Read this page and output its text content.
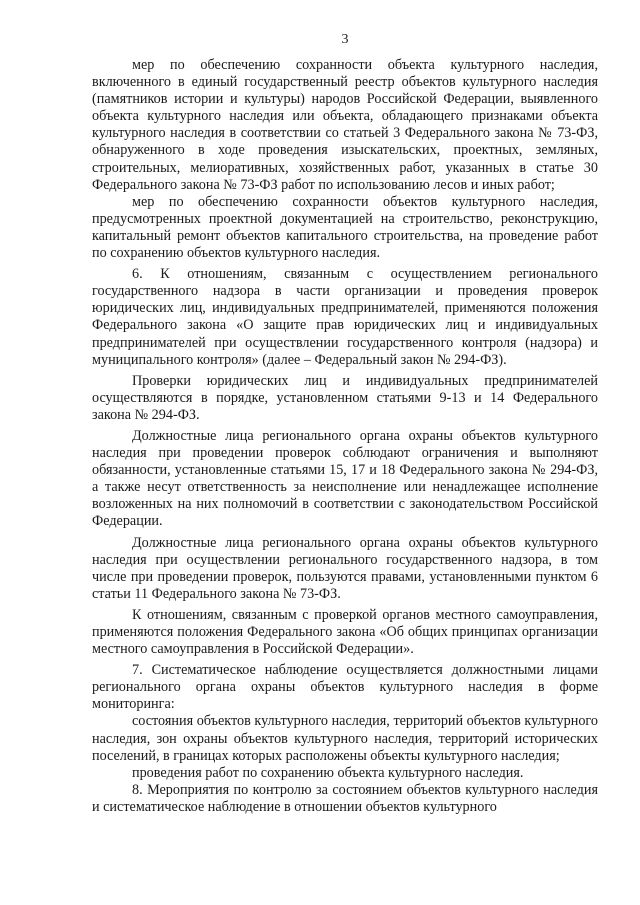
3

мер по обеспечению сохранности объекта культурного наследия, включенного в единый государственный реестр объектов культурного наследия (памятников истории и культуры) народов Российской Федерации, выявленного объекта культурного наследия или объекта, обладающего признаками объекта культурного наследия в соответствии со статьей 3 Федерального закона № 73-ФЗ, обнаруженного в ходе проведения изыскательских, проектных, земляных, строительных, мелиоративных, хозяйственных работ, указанных в статье 30 Федерального закона № 73-ФЗ работ по использованию лесов и иных работ;

мер по обеспечению сохранности объектов культурного наследия, предусмотренных проектной документацией на строительство, реконструкцию, капитальный ремонт объектов капитального строительства, на проведение работ по сохранению объектов культурного наследия.

6. К отношениям, связанным с осуществлением регионального государственного надзора в части организации и проведения проверок юридических лиц, индивидуальных предпринимателей, применяются положения Федерального закона «О защите прав юридических лиц и индивидуальных предпринимателей при осуществлении государственного контроля (надзора) и муниципального контроля» (далее – Федеральный закон № 294-ФЗ).

Проверки юридических лиц и индивидуальных предпринимателей осуществляются в порядке, установленном статьями 9-13 и 14 Федерального закона № 294-ФЗ.

Должностные лица регионального органа охраны объектов культурного наследия при проведении проверок соблюдают ограничения и выполняют обязанности, установленные статьями 15, 17 и 18 Федерального закона № 294-ФЗ, а также несут ответственность за неисполнение или ненадлежащее исполнение возложенных на них полномочий в соответствии с законодательством Российской Федерации.

Должностные лица регионального органа охраны объектов культурного наследия при осуществлении регионального государственного надзора, в том числе при проведении проверок, пользуются правами, установленными пунктом 6 статьи 11 Федерального закона № 73-ФЗ.

К отношениям, связанным с проверкой органов местного самоуправления, применяются положения Федерального закона «Об общих принципах организации местного самоуправления в Российской Федерации».

7. Систематическое наблюдение осуществляется должностными лицами регионального органа охраны объектов культурного наследия в форме мониторинга:

состояния объектов культурного наследия, территорий объектов культурного наследия, зон охраны объектов культурного наследия, территорий исторических поселений, в границах которых расположены объекты культурного наследия;

проведения работ по сохранению объекта культурного наследия.

8. Мероприятия по контролю за состоянием объектов культурного наследия и систематическое наблюдение в отношении объектов культурного
